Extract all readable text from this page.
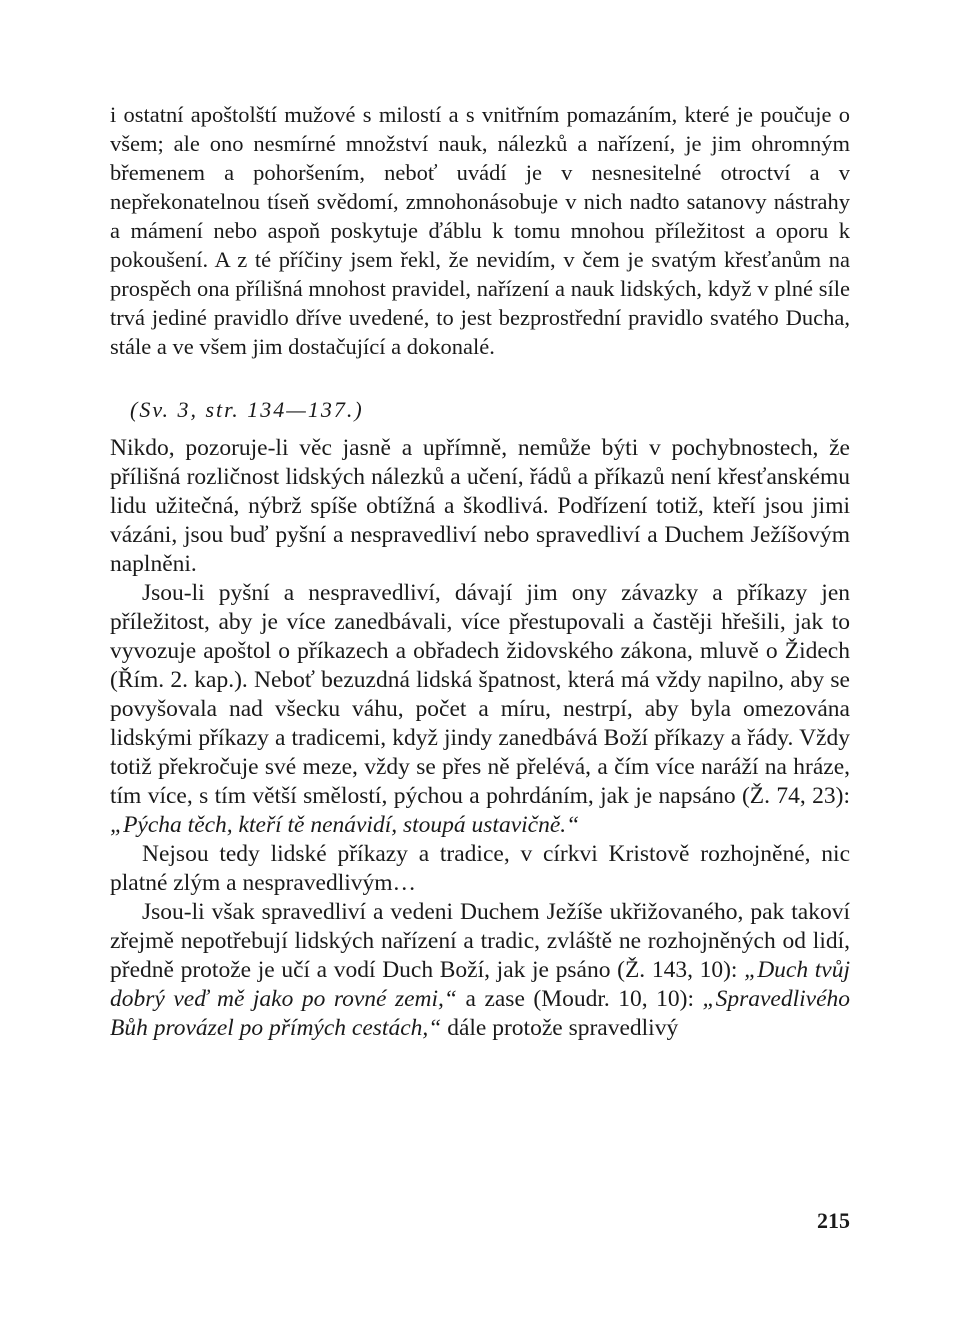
i ostatní apoštolští mužové s milostí a s vnitřním pomazáním, které je poučuje o všem; ale ono nesmírné množství nauk, nálezků a nařízení, je jim ohromným břemenem a pohoršením, neboť uvádí je v nesnesitelné otroctví a v nepřekonatelnou tíseň svědomí, zmnohonásobuje v nich nadto satanovy nástrahy a mámení nebo aspoň poskytuje ďáblu k tomu mnohou příležitost a oporu k pokoušení. A z té příčiny jsem řekl, že nevidím, v čem je svatým křesťanům na prospěch ona přílišná mnohost pravidel, nařízení a nauk lidských, když v plné síle trvá jediné pravidlo dříve uvedené, to jest bezprostřední pravidlo svatého Ducha, stále a ve všem jim dostačující a dokonalé.

(Sv. 3, str. 134—137.)

Nikdo, pozoruje-li věc jasně a upřímně, nemůže býti v pochybnostech, že přílišná rozličnost lidských nálezků a učení, řádů a příkazů není křesťanskému lidu užitečná, nýbrž spíše obtížná a škodlivá. Podřízení totiž, kteří jsou jimi vázáni, jsou buď pyšní a nespravedliví nebo spravedliví a Duchem Ježíšovým naplněni.

Jsou-li pyšní a nespravedliví, dávají jim ony závazky a příkazy jen příležitost, aby je více zanedbávali, více přestupovali a častěji hřešili, jak to vyvozuje apoštol o příkazech a obřadech židovského zákona, mluvě o Židech (Řím. 2. kap.). Neboť bezuzdná lidská špatnost, která má vždy napilno, aby se povyšovala nad všecku váhu, počet a míru, nestrpí, aby byla omezována lidskými příkazy a tradicemi, když jindy zanedbává Boží příkazy a řády. Vždy totiž překročuje své meze, vždy se přes ně přelévá, a čím více naráží na hráze, tím více, s tím větší smělostí, pýchou a pohrdáním, jak je napsáno (Ž. 74, 23): „Pýcha těch, kteří tě nenávidí, stoupá ustavičně.“

Nejsou tedy lidské příkazy a tradice, v církvi Kristově rozhojněné, nic platné zlým a nespravedlivým…

Jsou-li však spravedliví a vedeni Duchem Ježíše ukřižovaného, pak takoví zřejmě nepotřebují lidských nařízení a tradic, zvláště ne rozhojněných od lidí, předně protože je učí a vodí Duch Boží, jak je psáno (Ž. 143, 10): „Duch tvůj dobrý veď mě jako po rovné zemi,“ a zase (Moudr. 10, 10): „Spravedlivého Bůh provázel po přímých cestách,“ dále protože spravedlivý

215
